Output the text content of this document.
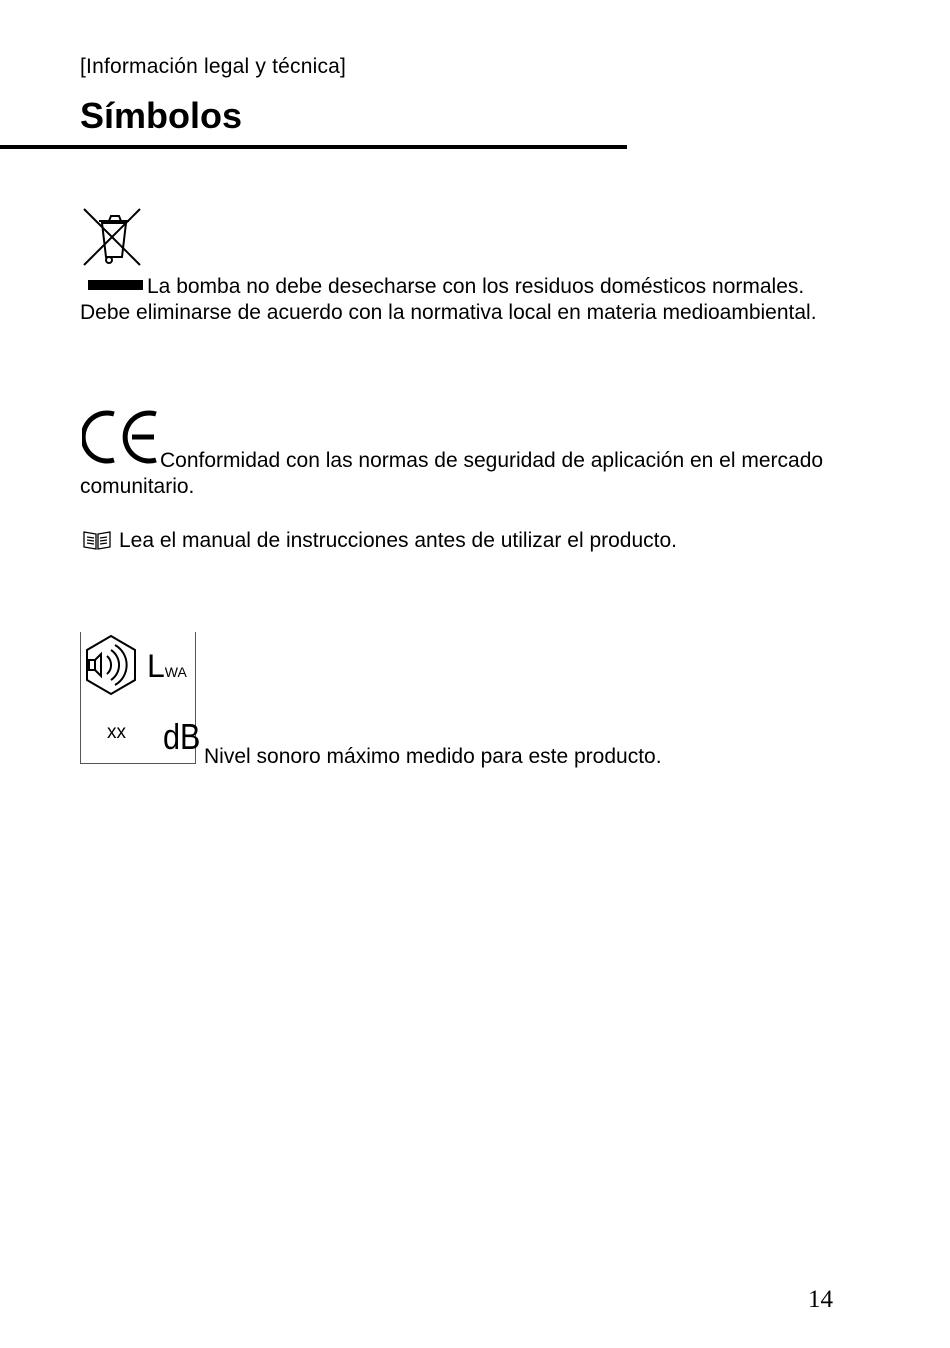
[Información legal y técnica]
Símbolos
La bomba no debe desecharse con los residuos domésticos normales. Debe eliminarse de acuerdo con la normativa local en materia medioambiental.
Conformidad con las normas de seguridad de aplicación en el mercado comunitario.
Lea el manual de instrucciones antes de utilizar el producto.
LWA
xx dB Nivel sonoro máximo medido para este producto.
14
